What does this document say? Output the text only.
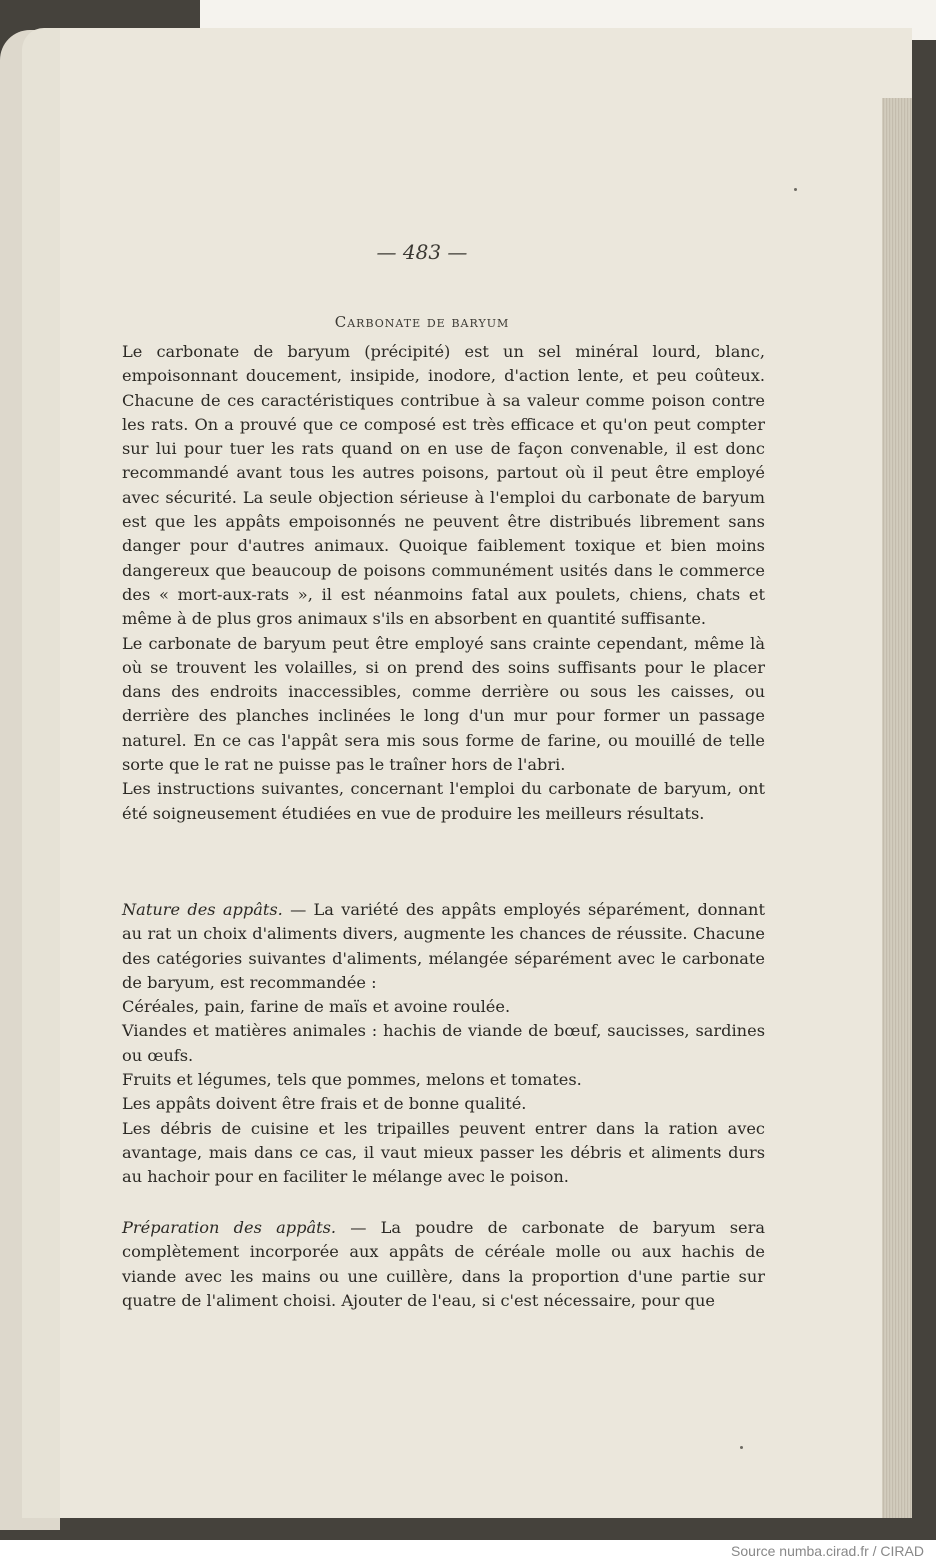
— 483 —
Carbonate de baryum

Le carbonate de baryum (précipité) est un sel minéral lourd, blanc, empoisonnant doucement, insipide, inodore, d'action lente, et peu coûteux. Chacune de ces caractéristiques contribue à sa valeur comme poison contre les rats. On a prouvé que ce composé est très efficace et qu'on peut compter sur lui pour tuer les rats quand on en use de façon convenable, il est donc recommandé avant tous les autres poisons, partout où il peut être employé avec sécurité. La seule objection sérieuse à l'emploi du carbonate de baryum est que les appâts empoisonnés ne peuvent être distribués librement sans danger pour d'autres animaux. Quoique faiblement toxique et bien moins dangereux que beaucoup de poisons communément usités dans le commerce des « mort-aux-rats », il est néanmoins fatal aux poulets, chiens, chats et même à de plus gros animaux s'ils en absorbent en quantité suffisante.

Le carbonate de baryum peut être employé sans crainte cependant, même là où se trouvent les volailles, si on prend des soins suffisants pour le placer dans des endroits inaccessibles, comme derrière ou sous les caisses, ou derrière des planches inclinées le long d'un mur pour former un passage naturel. En ce cas l'appât sera mis sous forme de farine, ou mouillé de telle sorte que le rat ne puisse pas le traîner hors de l'abri.

Les instructions suivantes, concernant l'emploi du carbonate de baryum, ont été soigneusement étudiées en vue de produire les meilleurs résultats.

Nature des appâts. — La variété des appâts employés séparément, donnant au rat un choix d'aliments divers, augmente les chances de réussite. Chacune des catégories suivantes d'aliments, mélangée séparément avec le carbonate de baryum, est recommandée :

Céréales, pain, farine de maïs et avoine roulée.

Viandes et matières animales : hachis de viande de bœuf, saucisses, sardines ou œufs.

Fruits et légumes, tels que pommes, melons et tomates.

Les appâts doivent être frais et de bonne qualité.

Les débris de cuisine et les tripailles peuvent entrer dans la ration avec avantage, mais dans ce cas, il vaut mieux passer les débris et aliments durs au hachoir pour en faciliter le mélange avec le poison.

Préparation des appâts. — La poudre de carbonate de baryum sera complètement incorporée aux appâts de céréale molle ou aux hachis de viande avec les mains ou une cuillère, dans la proportion d'une partie sur quatre de l'aliment choisi. Ajouter de l'eau, si c'est nécessaire, pour que

Source numba.cirad.fr / CIRAD
